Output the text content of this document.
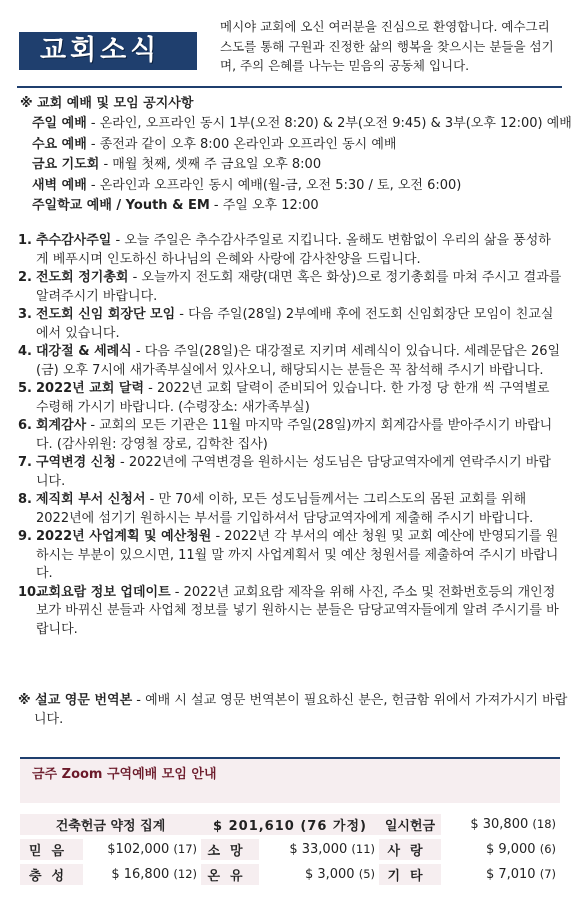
교회소식
메시야 교회에 오신 여러분을 진심으로 환영합니다. 예수그리스도를 통해 구원과 진정한 삶의 행복을 찾으시는 분들을 섬기며, 주의 은혜를 나누는 믿음의 공동체 입니다.
※ 교회 예배 및 모임 공지사항
주일 예배 - 온라인, 오프라인 동시 1부(오전 8:20) & 2부(오전 9:45) & 3부(오후 12:00) 예배
수요 예배 - 종전과 같이 오후 8:00 온라인과 오프라인 동시 예배
금요 기도회 - 매월 첫째, 셋째 주 금요일 오후 8:00
새벽 예배 - 온라인과 오프라인 동시 예배(월-금, 오전 5:30 / 토, 오전 6:00)
주일학교 예배 / Youth & EM - 주일 오후 12:00
1. 추수감사주일 - 오늘 주일은 추수감사주일로 지킵니다. 올해도 변함없이 우리의 삶을 풍성하게 베푸시며 인도하신 하나님의 은혜와 사랑에 감사찬양을 드립니다.
2. 전도회 정기총회 - 오늘까지 전도회 재량(대면 혹은 화상)으로 정기총회를 마쳐 주시고 결과를 알려주시기 바랍니다.
3. 전도회 신임 회장단 모임 - 다음 주일(28일) 2부예배 후에 전도회 신임회장단 모임이 친교실에서 있습니다.
4. 대강절 & 세례식 - 다음 주일(28일)은 대강절로 지키며 세례식이 있습니다. 세례문답은 26일(금) 오후 7시에 새가족부실에서 있사오니, 해당되시는 분들은 꼭 참석해 주시기 바랍니다.
5. 2022년 교회 달력 - 2022년 교회 달력이 준비되어 있습니다. 한 가정 당 한개 씩 구역별로 수령해 가시기 바랍니다. (수령장소: 새가족부실)
6. 회계감사 - 교회의 모든 기관은 11월 마지막 주일(28일)까지 회계감사를 받아주시기 바랍니다. (감사위원: 강영철 장로, 김학찬 집사)
7. 구역변경 신청 - 2022년에 구역변경을 원하시는 성도님은 담당교역자에게 연락주시기 바랍니다.
8. 제직회 부서 신청서 - 만 70세 이하, 모든 성도님들께서는 그리스도의 몸된 교회를 위해 2022년에 섬기기 원하시는 부서를 기입하셔서 담당교역자에게 제출해 주시기 바랍니다.
9. 2022년 사업계획 및 예산청원 - 2022년 각 부서의 예산 청원 및 교회 예산에 반영되기를 원하시는 부분이 있으시면, 11월 말 까지 사업계획서 및 예산 청원서를 제출하여 주시기 바랍니다.
10.
교회요람 정보 업데이트 - 2022년 교회요람 제작을 위해 사진, 주소 및 전화번호등의 개인정보가 바뀌신 분들과 사업체 정보를 넣기 원하시는 분들은 담당교역자들에게 알려 주시기를 바랍니다.
※ 설교 영문 번역본 - 예배 시 설교 영문 번역본이 필요하신 분은, 헌금함 위에서 가져가시기 바랍니다.
금주 Zoom 구역예배 모임 안내
건축헌금 약정 집계		$ 201,610 (76 가정)		일시헌금	$ 30,800 (18)
믿음	$102,000 (17)	소망	$ 33,000 (11)	사랑	$ 9,000 (6)
충성	$ 16,800 (12)	온유	$ 3,000 (5)	기타	$ 7,010 (7)
